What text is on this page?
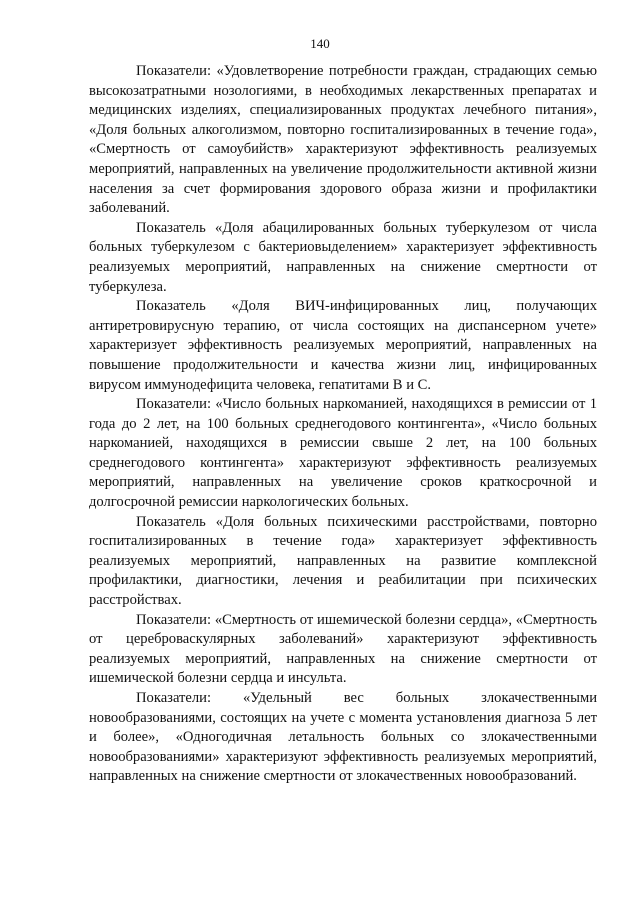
140

Показатели: «Удовлетворение потребности граждан, страдающих семью высокозатратными нозологиями, в необходимых лекарственных препаратах и медицинских изделиях, специализированных продуктах лечебного питания», «Доля больных алкоголизмом, повторно госпитализированных в течение года», «Смертность от самоубийств» характеризуют эффективность реализуемых мероприятий, направленных на увеличение продолжительности активной жизни населения за счет формирования здорового образа жизни и профилактики заболеваний.

Показатель «Доля абацилированных больных туберкулезом от числа больных туберкулезом с бактериовыделением» характеризует эффективность реализуемых мероприятий, направленных на снижение смертности от туберкулеза.

Показатель «Доля ВИЧ-инфицированных лиц, получающих антиретровирусную терапию, от числа состоящих на диспансерном учете» характеризует эффективность реализуемых мероприятий, направленных на повышение продолжительности и качества жизни лиц, инфицированных вирусом иммунодефицита человека, гепатитами В и С.

Показатели: «Число больных наркоманией, находящихся в ремиссии от 1 года до 2 лет, на 100 больных среднегодового контингента», «Число больных наркоманией, находящихся в ремиссии свыше 2 лет, на 100 больных среднегодового контингента» характеризуют эффективность реализуемых мероприятий, направленных на увеличение сроков краткосрочной и долгосрочной ремиссии наркологических больных.

Показатель «Доля больных психическими расстройствами, повторно госпитализированных в течение года» характеризует эффективность реализуемых мероприятий, направленных на развитие комплексной профилактики, диагностики, лечения и реабилитации при психических расстройствах.

Показатели: «Смертность от ишемической болезни сердца», «Смертность от цереброваскулярных заболеваний» характеризуют эффективность реализуемых мероприятий, направленных на снижение смертности от ишемической болезни сердца и инсульта.

Показатели: «Удельный вес больных злокачественными новообразованиями, состоящих на учете с момента установления диагноза 5 лет и более», «Одногодичная летальность больных со злокачественными новообразованиями» характеризуют эффективность реализуемых мероприятий, направленных на снижение смертности от злокачественных новообразований.
